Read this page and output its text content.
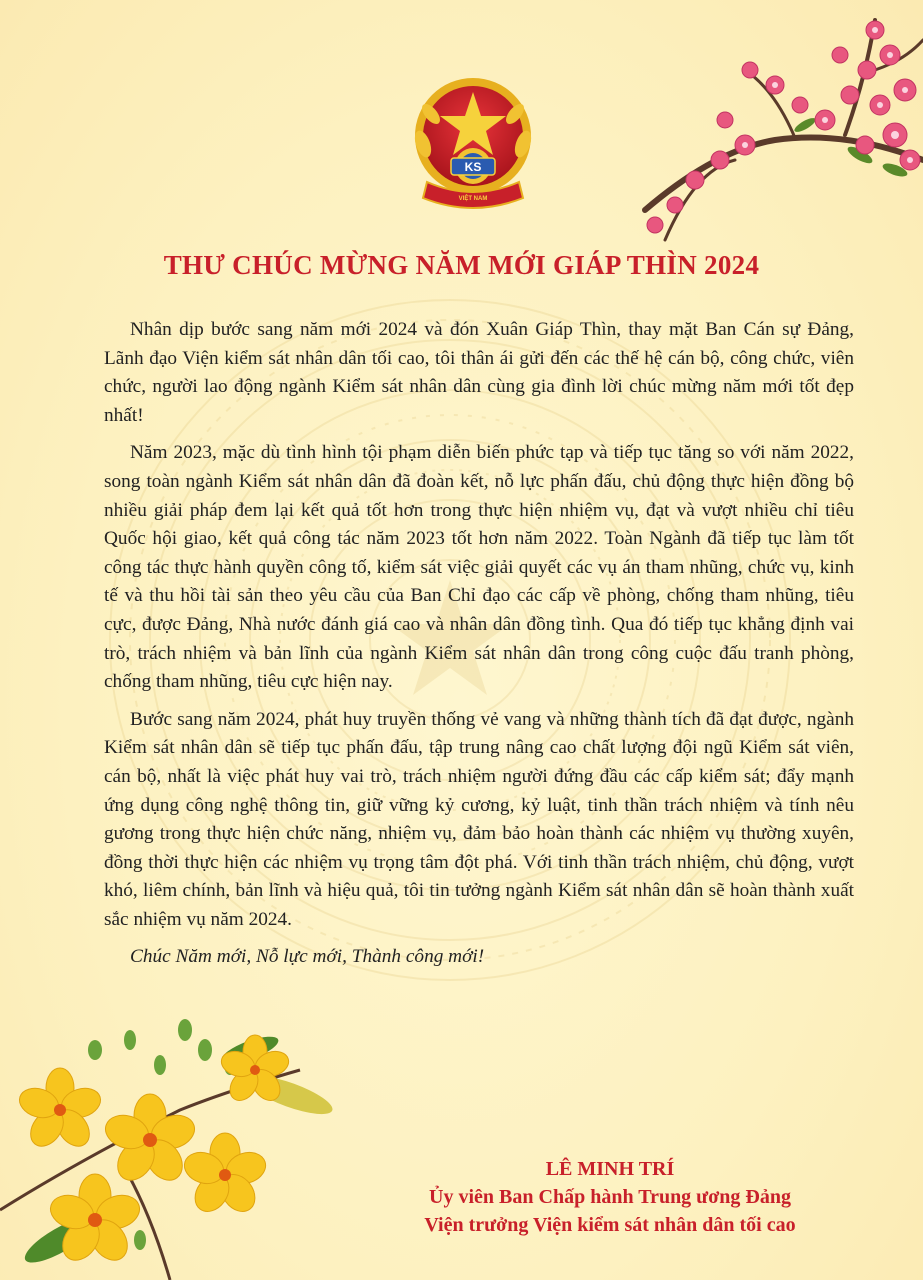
KS
VIỆT NAM
THƯ CHÚC MỪNG NĂM MỚI GIÁP THÌN 2024

Nhân dịp bước sang năm mới 2024 và đón Xuân Giáp Thìn, thay mặt Ban Cán sự Đảng, Lãnh đạo Viện kiểm sát nhân dân tối cao, tôi thân ái gửi đến các thế hệ cán bộ, công chức, viên chức, người lao động ngành Kiểm sát nhân dân cùng gia đình lời chúc mừng năm mới tốt đẹp nhất!

Năm 2023, mặc dù tình hình tội phạm diễn biến phức tạp và tiếp tục tăng so với năm 2022, song toàn ngành Kiểm sát nhân dân đã đoàn kết, nỗ lực phấn đấu, chủ động thực hiện đồng bộ nhiều giải pháp đem lại kết quả tốt hơn trong thực hiện nhiệm vụ, đạt và vượt nhiều chỉ tiêu Quốc hội giao, kết quả công tác năm 2023 tốt hơn năm 2022. Toàn Ngành đã tiếp tục làm tốt công tác thực hành quyền công tố, kiểm sát việc giải quyết các vụ án tham nhũng, chức vụ, kinh tế và thu hồi tài sản theo yêu cầu của Ban Chỉ đạo các cấp về phòng, chống tham nhũng, tiêu cực, được Đảng, Nhà nước đánh giá cao và nhân dân đồng tình. Qua đó tiếp tục khẳng định vai trò, trách nhiệm và bản lĩnh của ngành Kiểm sát nhân dân trong công cuộc đấu tranh phòng, chống tham nhũng, tiêu cực hiện nay.

Bước sang năm 2024, phát huy truyền thống vẻ vang và những thành tích đã đạt được, ngành Kiểm sát nhân dân sẽ tiếp tục phấn đấu, tập trung nâng cao chất lượng đội ngũ Kiểm sát viên, cán bộ, nhất là việc phát huy vai trò, trách nhiệm người đứng đầu các cấp kiểm sát; đẩy mạnh ứng dụng công nghệ thông tin, giữ vững kỷ cương, kỷ luật, tinh thần trách nhiệm và tính nêu gương trong thực hiện chức năng, nhiệm vụ, đảm bảo hoàn thành các nhiệm vụ thường xuyên, đồng thời thực hiện các nhiệm vụ trọng tâm đột phá. Với tinh thần trách nhiệm, chủ động, vượt khó, liêm chính, bản lĩnh và hiệu quả, tôi tin tưởng ngành Kiểm sát nhân dân sẽ hoàn thành xuất sắc nhiệm vụ năm 2024.

Chúc Năm mới, Nỗ lực mới, Thành công mới!

LÊ MINH TRÍ
Ủy viên Ban Chấp hành Trung ương Đảng
Viện trưởng Viện kiểm sát nhân dân tối cao
